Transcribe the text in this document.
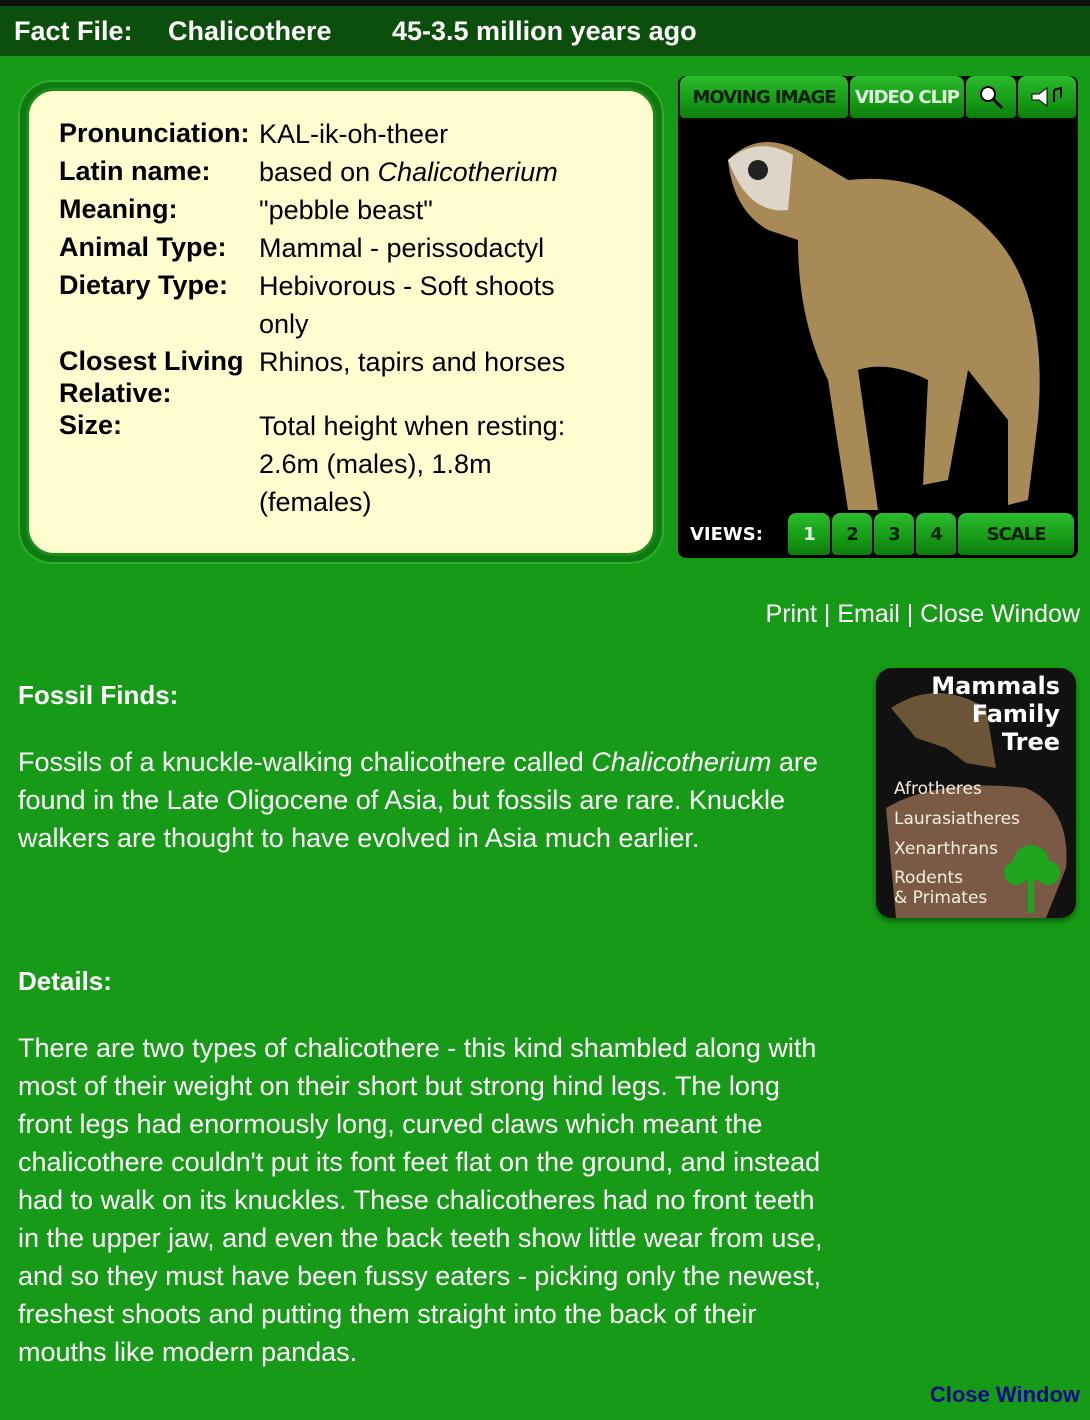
Fact File: Chalicothere 45-3.5 million years ago
Pronunciation: KAL-ik-oh-theer
Latin name:	based on Chalicotherium
Meaning:	"pebble beast"
Animal Type:	Mammal - perissodactyl
Dietary Type:	Hebivorous - Soft shoots only
Closest Living Relative:
Rhinos, tapirs and horses
Size:	Total height when resting: 2.6m (males), 1.8m (females)
MOVING IMAGE	VIDEO CLIP
VIEWS:	1	2	3	4	SCALE
Print | Email | Close Window
Fossil Finds:
Fossils of a knuckle-walking chalicothere called Chalicotherium are found in the Late Oligocene of Asia, but fossils are rare. Knuckle walkers are thought to have evolved in Asia much earlier.
Mammals
Family
Tree
Afrotheres
Laurasiatheres
Xenarthrans
Rodents
& Primates
Details:
There are two types of chalicothere - this kind shambled along with most of their weight on their short but strong hind legs. The long front legs had enormously long, curved claws which meant the chalicothere couldn't put its font feet flat on the ground, and instead had to walk on its knuckles. These chalicotheres had no front teeth in the upper jaw, and even the back teeth show little wear from use, and so they must have been fussy eaters - picking only the newest, freshest shoots and putting them straight into the back of their mouths like modern pandas.
Close Window
